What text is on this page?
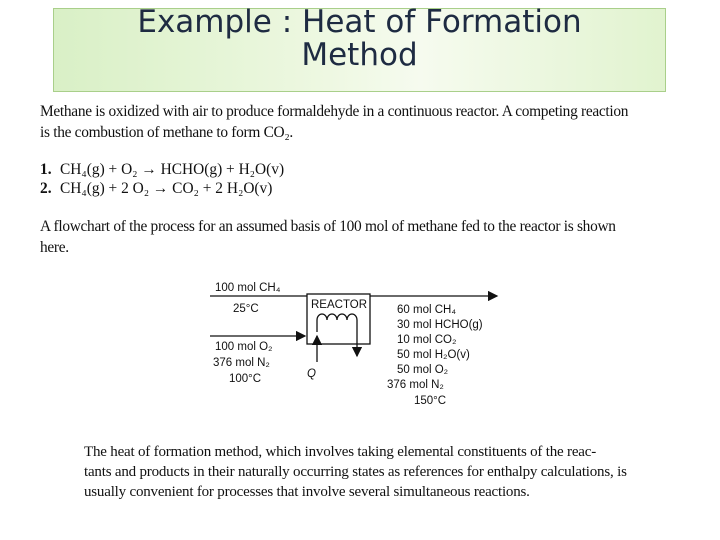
Example : Heat of Formation
Method
Methane is oxidized with air to produce formaldehyde in a continuous reactor. A competing reaction
is the combustion of methane to form CO₂.
1. CH₄(g) + O₂ → HCHO(g) + H₂O(v)
2. CH₄(g) + 2 O₂ → CO₂ + 2 H₂O(v)
A flowchart of the process for an assumed basis of 100 mol of methane fed to the reactor is shown
here.
100 mol CH₄
25°C
100 mol O₂
376 mol N₂
100°C
REACTOR
Q
60 mol CH₄
30 mol HCHO(g)
10 mol CO₂
50 mol H₂O(v)
50 mol O₂
376 mol N₂
150°C
The heat of formation method, which involves taking elemental constituents of the reac-
tants and products in their naturally occurring states as references for enthalpy calculations, is
usually convenient for processes that involve several simultaneous reactions.
